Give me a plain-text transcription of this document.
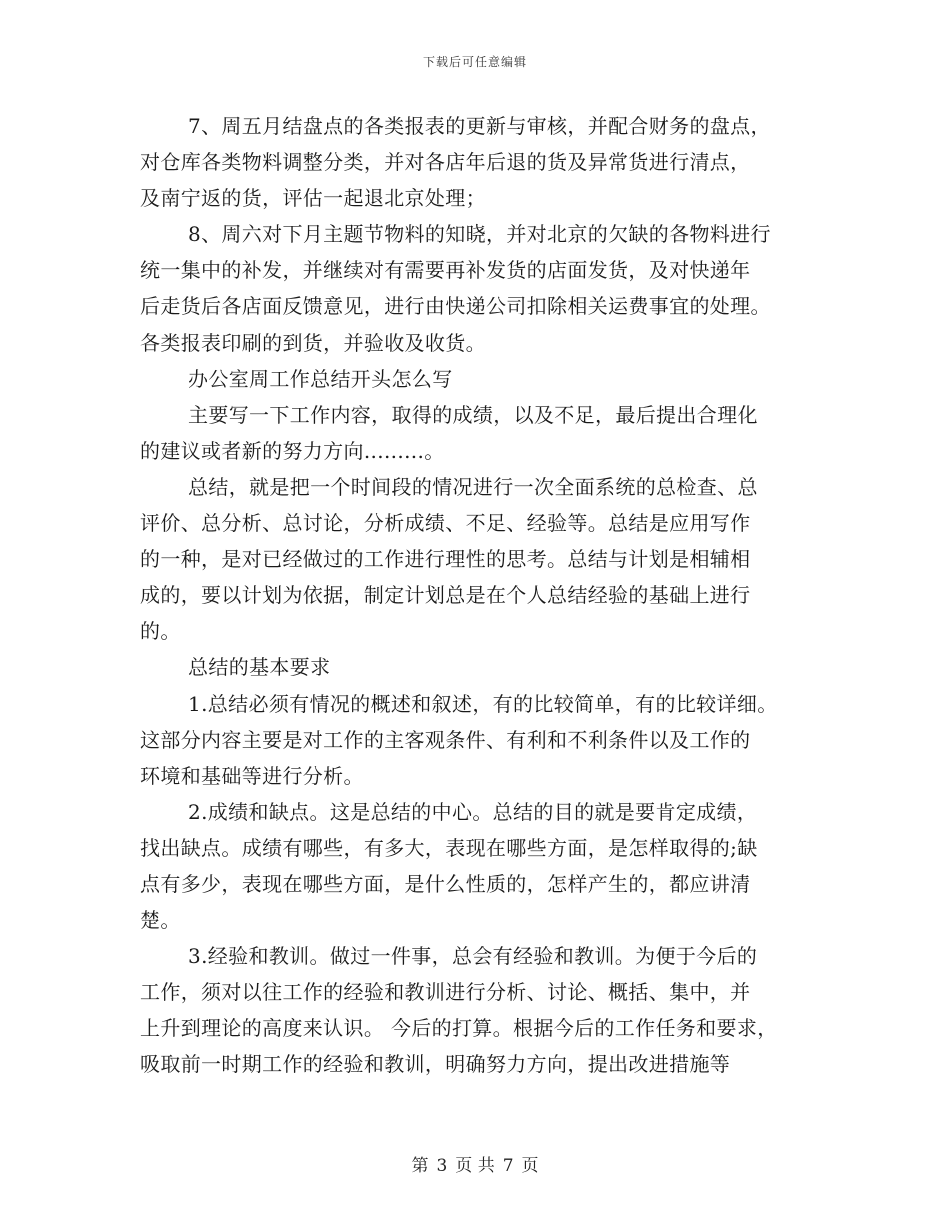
下载后可任意编辑
7、周五月结盘点的各类报表的更新与审核，并配合财务的盘点，
对仓库各类物料调整分类，并对各店年后退的货及异常货进行清点，
及南宁返的货，评估一起退北京处理；
8、周六对下月主题节物料的知晓，并对北京的欠缺的各物料进行
统一集中的补发，并继续对有需要再补发货的店面发货，及对快递年
后走货后各店面反馈意见，进行由快递公司扣除相关运费事宜的处理。
各类报表印刷的到货，并验收及收货。
办公室周工作总结开头怎么写
主要写一下工作内容，取得的成绩，以及不足，最后提出合理化
的建议或者新的努力方向.........。
总结，就是把一个时间段的情况进行一次全面系统的总检查、总
评价、总分析、总讨论，分析成绩、不足、经验等。总结是应用写作
的一种，是对已经做过的工作进行理性的思考。总结与计划是相辅相
成的，要以计划为依据，制定计划总是在个人总结经验的基础上进行
的。
总结的基本要求
1.总结必须有情况的概述和叙述，有的比较简单，有的比较详细。
这部分内容主要是对工作的主客观条件、有利和不利条件以及工作的
环境和基础等进行分析。
2.成绩和缺点。这是总结的中心。总结的目的就是要肯定成绩，
找出缺点。成绩有哪些，有多大，表现在哪些方面，是怎样取得的;缺
点有多少，表现在哪些方面，是什么性质的，怎样产生的，都应讲清
楚。
3.经验和教训。做过一件事，总会有经验和教训。为便于今后的
工作，须对以往工作的经验和教训进行分析、讨论、概括、集中，并
上升到理论的高度来认识。 今后的打算。根据今后的工作任务和要求，
吸取前一时期工作的经验和教训，明确努力方向，提出改进措施等
第 3 页 共 7 页
